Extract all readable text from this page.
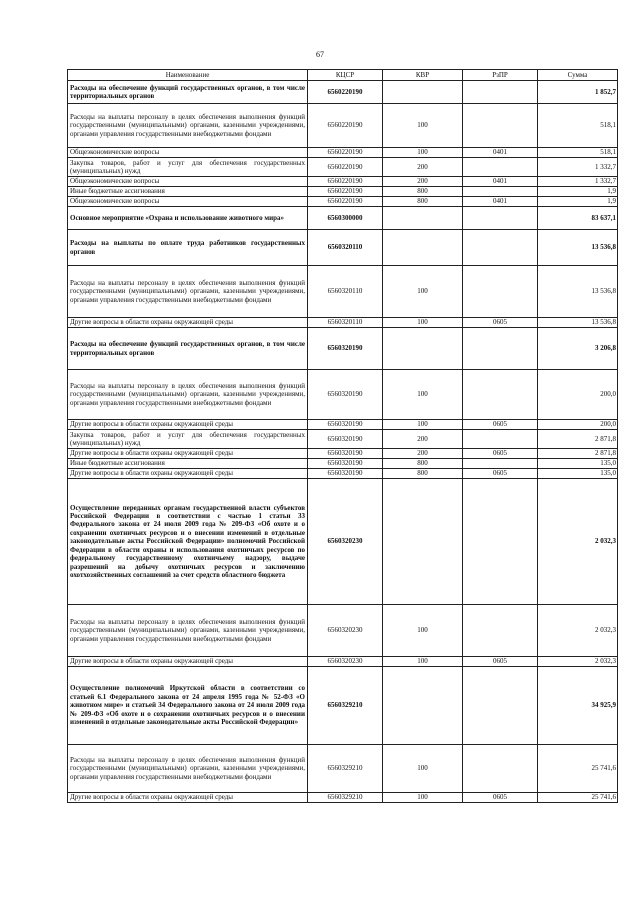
67
Наименование	КЦСР	КВР	РзПР	Сумма
Расходы на обеспечение функций государственных органов, в том числе территориальных органов	6560220190			1 852,7
Расходы на выплаты персоналу в целях обеспечения выполнения функций государственными (муниципальными) органами, казенными учреждениями, органами управления государственными внебюджетными фондами	6560220190	100		518,1
Общеэкономические вопросы	6560220190	100	0401	518,1
Закупка товаров, работ и услуг для обеспечения государственных (муниципальных) нужд	6560220190	200		1 332,7
Общеэкономические вопросы	6560220190	200	0401	1 332,7
Иные бюджетные ассигнования	6560220190	800		1,9
Общеэкономические вопросы	6560220190	800	0401	1,9
Основное мероприятие «Охрана и использование животного мира»	6560300000			83 637,1
Расходы на выплаты по оплате труда работников государственных органов	6560320110			13 536,8
Расходы на выплаты персоналу в целях обеспечения выполнения функций государственными (муниципальными) органами, казенными учреждениями, органами управления государственными внебюджетными фондами	6560320110	100		13 536,8
Другие вопросы в области охраны окружающей среды	6560320110	100	0605	13 536,8
Расходы на обеспечение функций государственных органов, в том числе территориальных органов	6560320190			3 206,8
Расходы на выплаты персоналу в целях обеспечения выполнения функций государственными (муниципальными) органами, казенными учреждениями, органами управления государственными внебюджетными фондами	6560320190	100		200,0
Другие вопросы в области охраны окружающей среды	6560320190	100	0605	200,0
Закупка товаров, работ и услуг для обеспечения государственных (муниципальных) нужд	6560320190	200		2 871,8
Другие вопросы в области охраны окружающей среды	6560320190	200	0605	2 871,8
Иные бюджетные ассигнования	6560320190	800		135,0
Другие вопросы в области охраны окружающей среды	6560320190	800	0605	135,0
Осуществление переданных органам государственной власти субъектов Российской Федерации в соответствии с частью 1 статьи 33 Федерального закона от 24 июля 2009 года № 209-ФЗ «Об охоте и о сохранении охотничьих ресурсов и о внесении изменений в отдельные законодательные акты Российской Федерации» полномочий Российской Федерации в области охраны и использования охотничьих ресурсов по федеральному государственному охотничьему надзору, выдаче разрешений на добычу охотничьих ресурсов и заключению охотхозяйственных соглашений за счет средств областного бюджета	6560320230			2 032,3
Расходы на выплаты персоналу в целях обеспечения выполнения функций государственными (муниципальными) органами, казенными учреждениями, органами управления государственными внебюджетными фондами	6560320230	100		2 032,3
Другие вопросы в области охраны окружающей среды	6560320230	100	0605	2 032,3
Осуществление полномочий Иркутской области в соответствии со статьей 6.1 Федерального закона от 24 апреля 1995 года № 52-ФЗ «О животном мире» и статьей 34 Федерального закона от 24 июля 2009 года № 209-ФЗ «Об охоте и о сохранении охотничьих ресурсов и о внесении изменений в отдельные законодательные акты Российской Федерации»	6560329210			34 925,9
Расходы на выплаты персоналу в целях обеспечения выполнения функций государственными (муниципальными) органами, казенными учреждениями, органами управления государственными внебюджетными фондами	6560329210	100		25 741,6
Другие вопросы в области охраны окружающей среды	6560329210	100	0605	25 741,6
